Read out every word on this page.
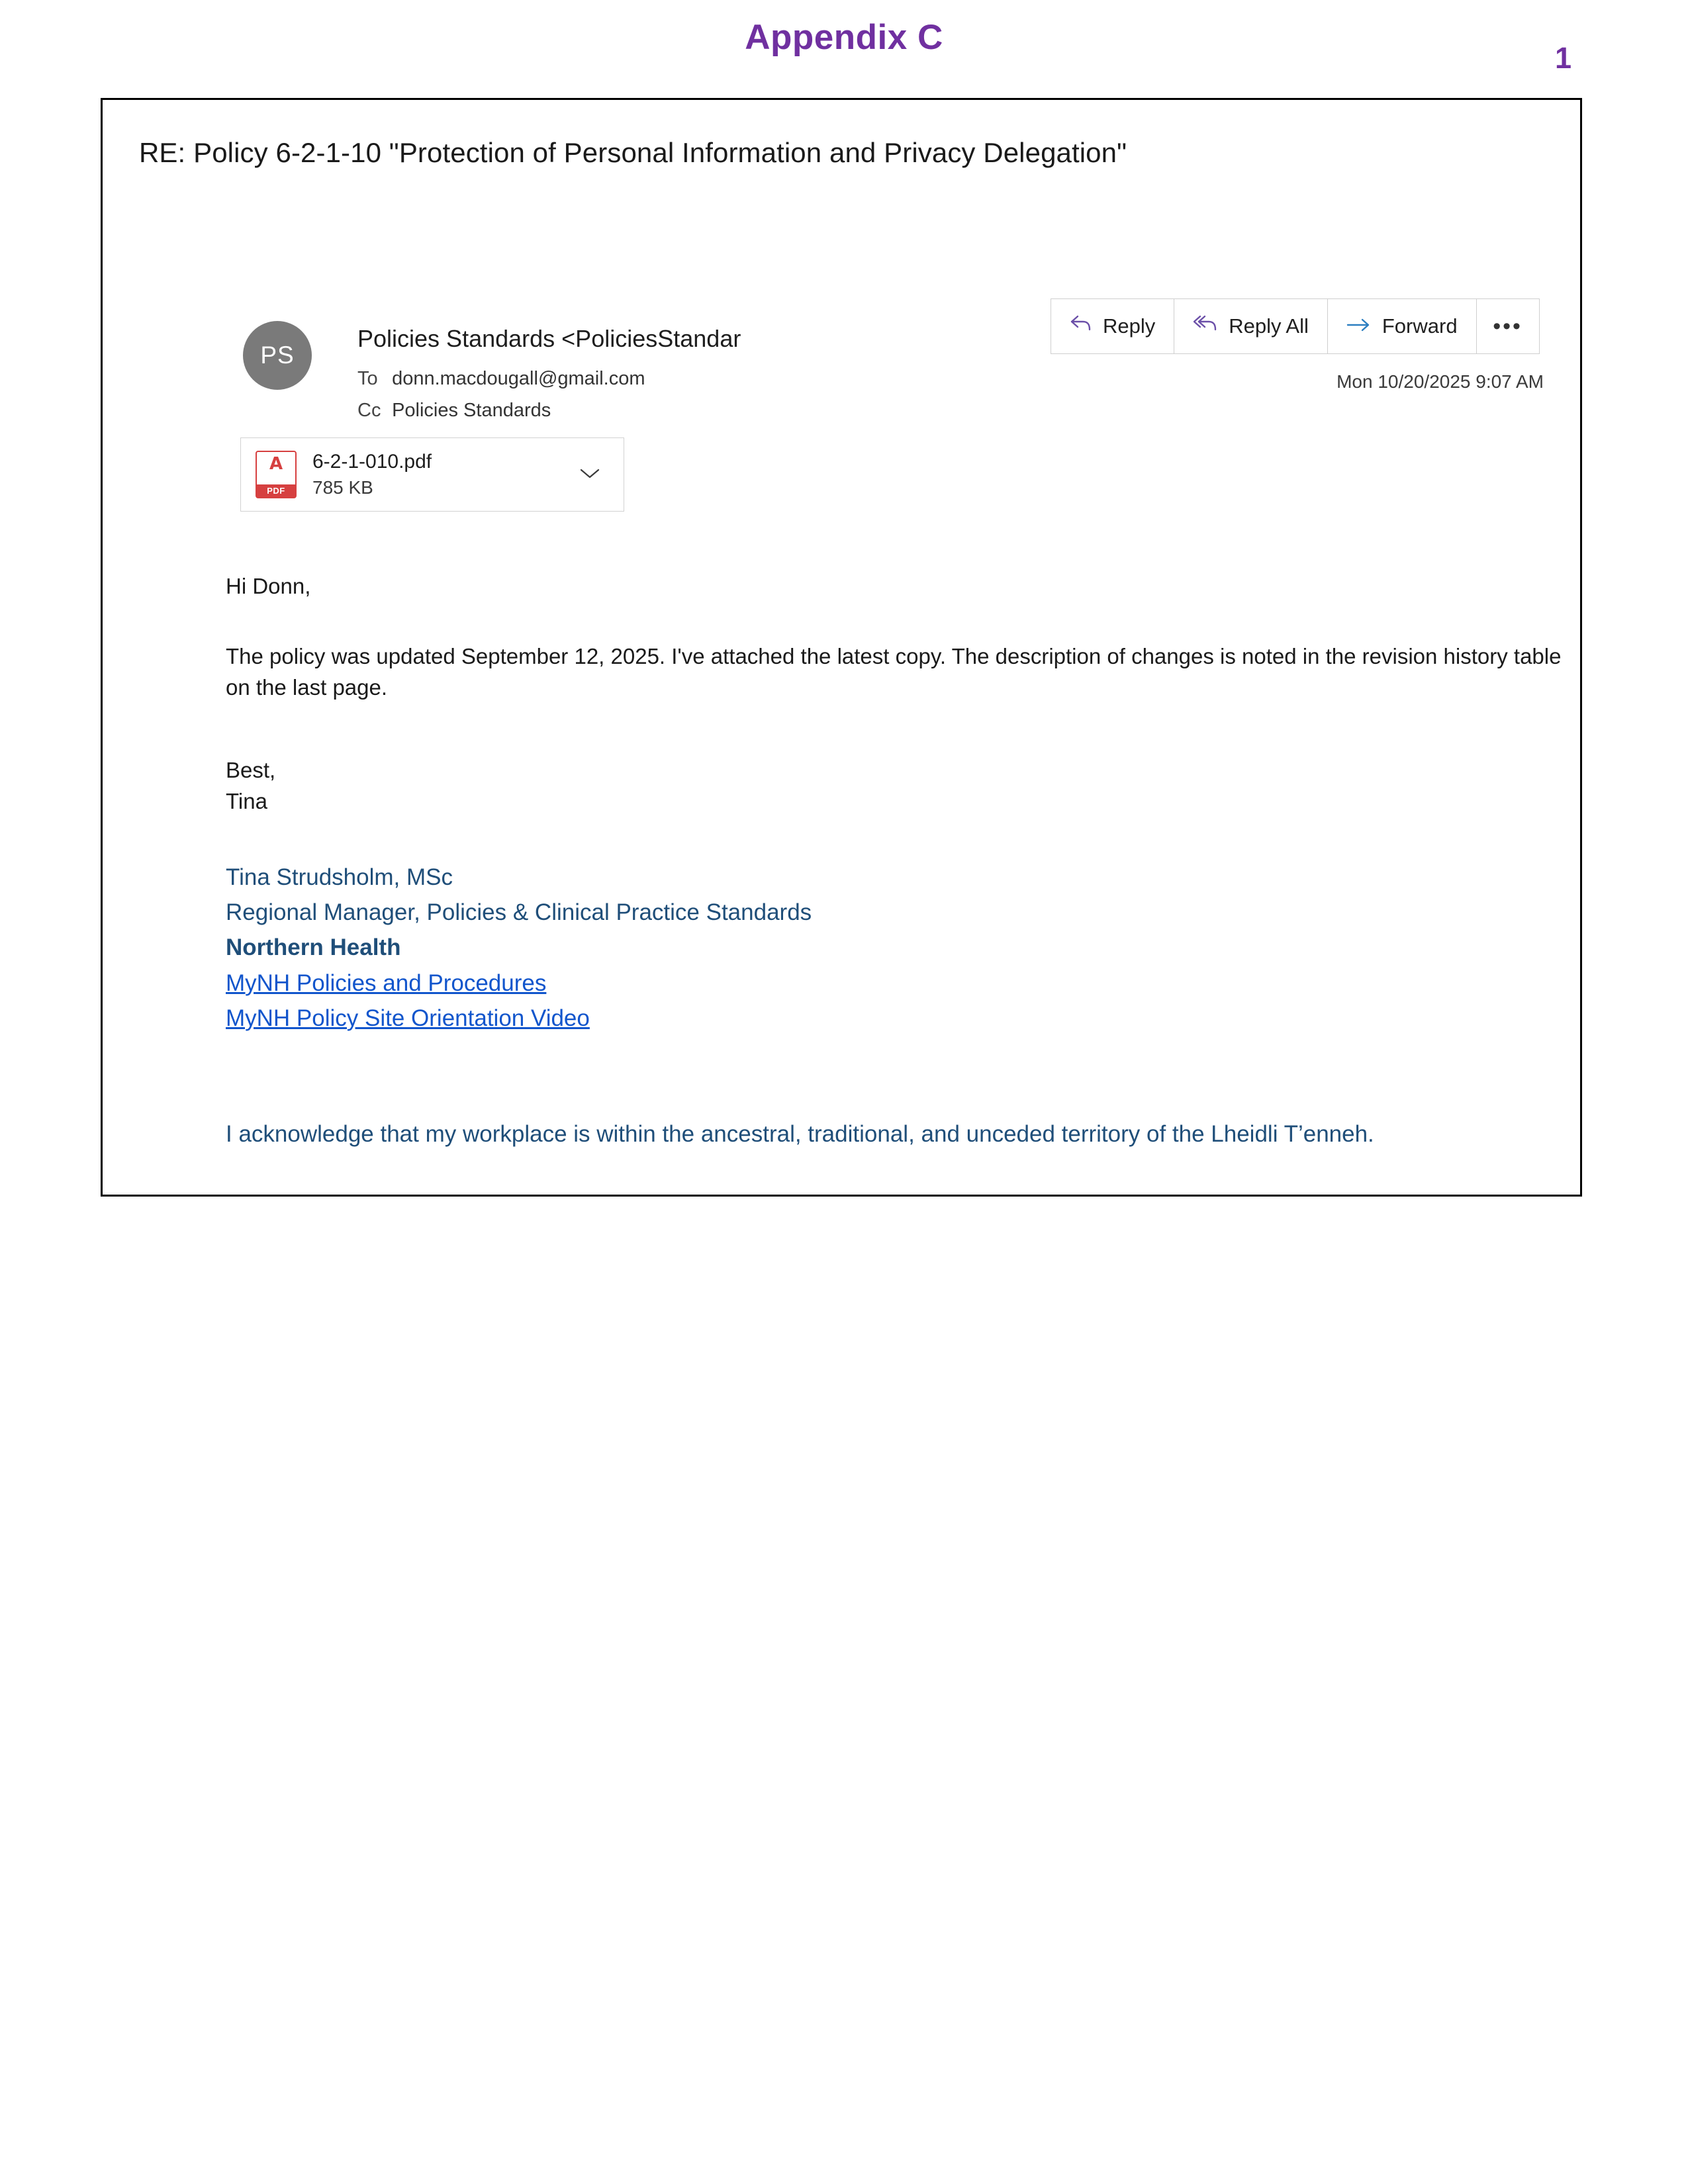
Appendix C
1
RE: Policy 6-2-1-10 "Protection of Personal Information and Privacy Delegation"
PS
Policies Standards <PoliciesStandar
To donn.macdougall@gmail.com
Cc Policies Standards
Reply	Reply All	Forward •••
Mon 10/20/2025 9:07 AM
𝗔
PDF
6-2-1-010.pdf
785 KB
Hi Donn,
The policy was updated September 12, 2025. I've attached the latest copy. The description of changes is noted in the revision history table on the last page.
Best,
Tina
Tina Strudsholm, MSc
Regional Manager, Policies & Clinical Practice Standards
Northern Health
MyNH Policies and Procedures
MyNH Policy Site Orientation Video
I acknowledge that my workplace is within the ancestral, traditional, and unceded territory of the Lheidli T’enneh.
